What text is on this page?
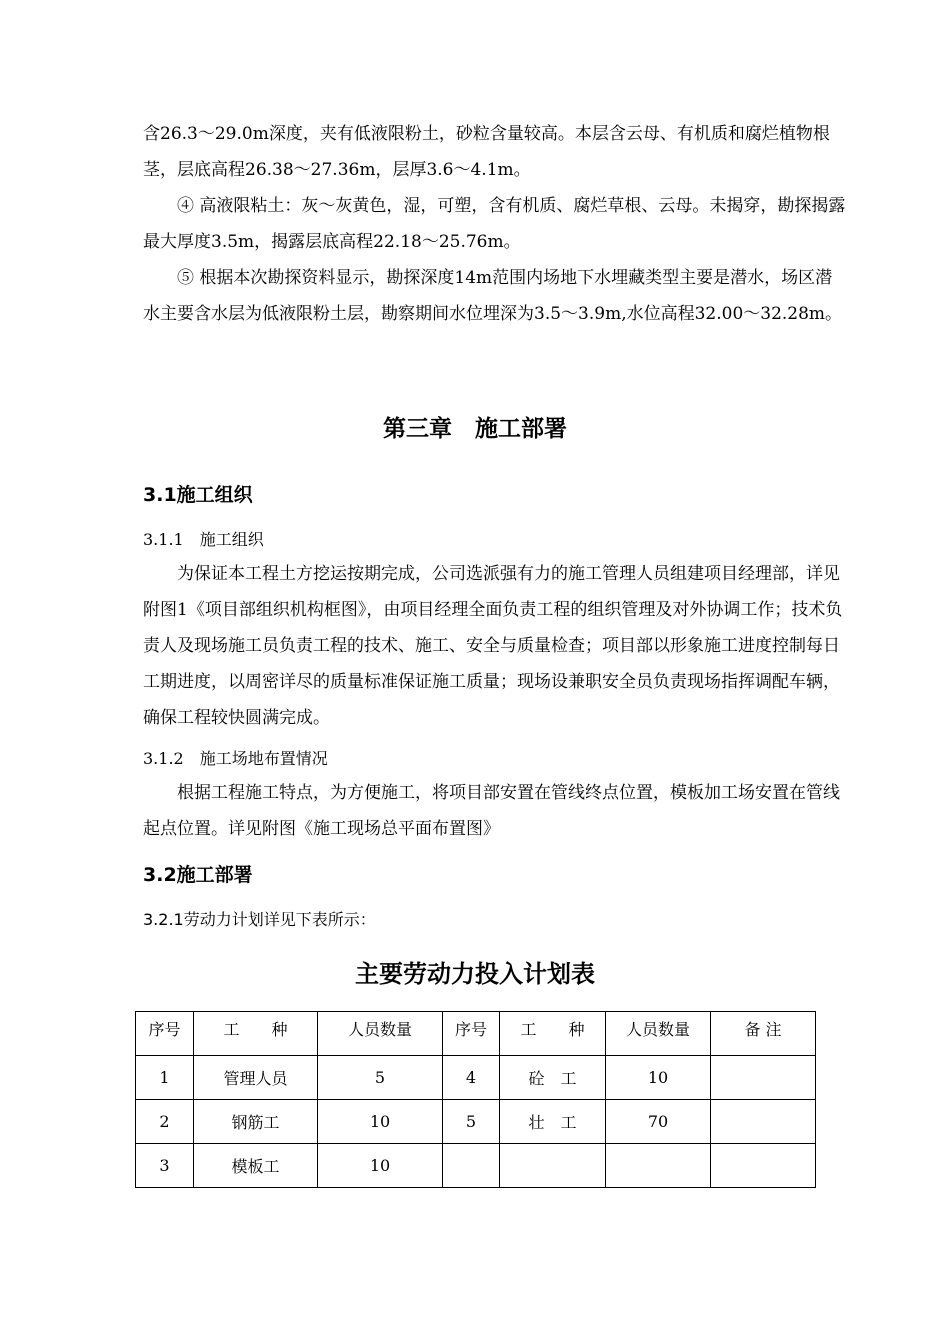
含26.3～29.0m深度，夹有低液限粉土，砂粒含量较高。本层含云母、有机质和腐烂植物根茎，层底高程26.38～27.36m，层厚3.6～4.1m。

④ 高液限粘土：灰～灰黄色，湿，可塑，含有机质、腐烂草根、云母。未揭穿，勘探揭露最大厚度3.5m，揭露层底高程22.18～25.76m。

⑤ 根据本次勘探资料显示，勘探深度14m范围内场地下水埋藏类型主要是潜水，场区潜水主要含水层为低液限粉土层，勘察期间水位埋深为3.5～3.9m,水位高程32.00～32.28m。

第三章　施工部署
3.1施工组织
3.1.1　施工组织

为保证本工程土方挖运按期完成，公司选派强有力的施工管理人员组建项目经理部，详见附图1《项目部组织机构框图》，由项目经理全面负责工程的组织管理及对外协调工作；技术负责人及现场施工员负责工程的技术、施工、安全与质量检查；项目部以形象施工进度控制每日工期进度，以周密详尽的质量标准保证施工质量；现场设兼职安全员负责现场指挥调配车辆，确保工程较快圆满完成。

3.1.2　施工场地布置情况

根据工程施工特点，为方便施工，将项目部安置在管线终点位置，模板加工场安置在管线起点位置。详见附图《施工现场总平面布置图》

3.2施工部署
3.2.1劳动力计划详见下表所示：
主要劳动力投入计划表
序号	工　　种	人员数量	序号	工　　种	人员数量	备 注
1	管理人员	5	4	砼　工	10	
2	钢筋工	10	5	壮　工	70	
3	模板工	10				
